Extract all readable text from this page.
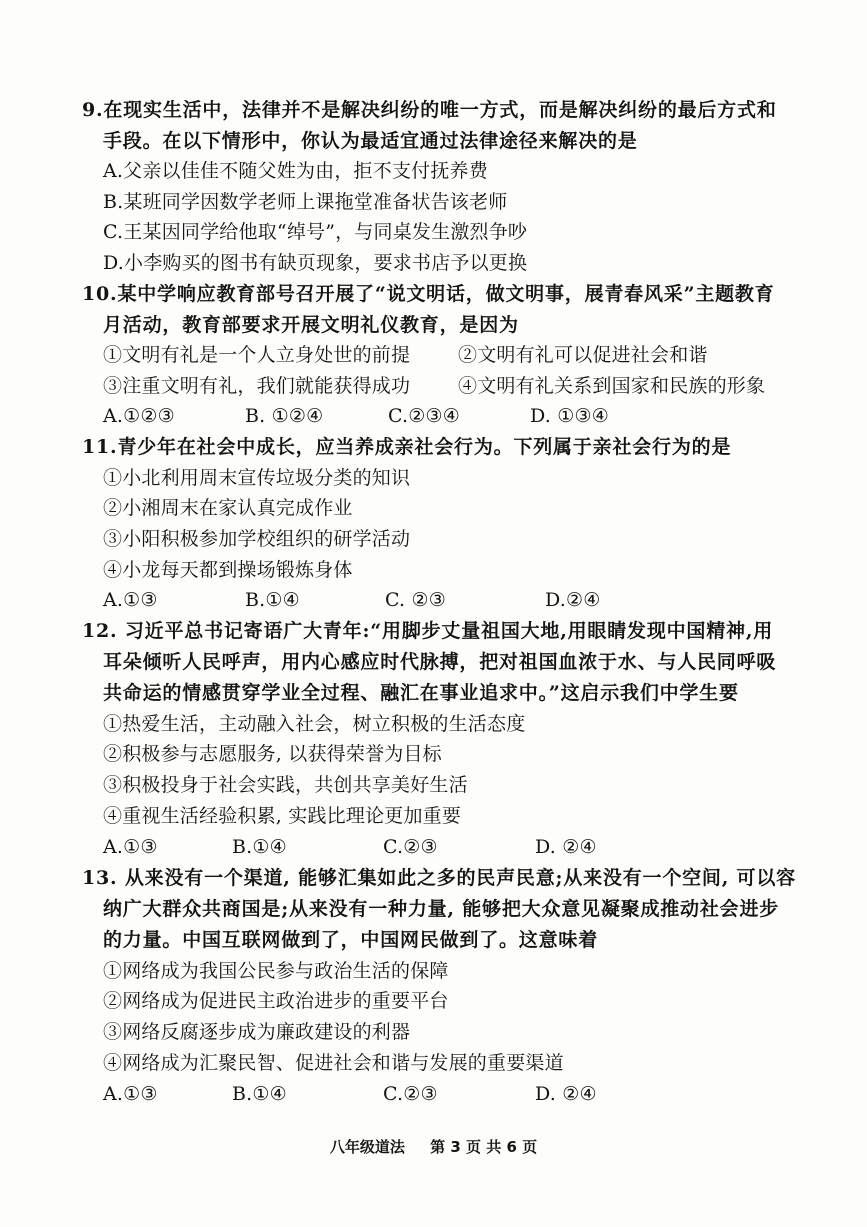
9.在现实生活中，法律并不是解决纠纷的唯一方式，而是解决纠纷的最后方式和
手段。在以下情形中，你认为最适宜通过法律途径来解决的是
A.父亲以佳佳不随父姓为由，拒不支付抚养费
B.某班同学因数学老师上课拖堂准备状告该老师
C.王某因同学给他取“绰号”，与同桌发生激烈争吵
D.小李购买的图书有缺页现象，要求书店予以更换
10.某中学响应教育部号召开展了“说文明话，做文明事，展青春风采”主题教育
月活动，教育部要求开展文明礼仪教育，是因为
①文明有礼是一个人立身处世的前提	②文明有礼可以促进社会和谐
③注重文明有礼，我们就能获得成功	④文明有礼关系到国家和民族的形象
A.①②③	B. ①②④	C.②③④	D. ①③④
11.青少年在社会中成长，应当养成亲社会行为。下列属于亲社会行为的是
①小北利用周末宣传垃圾分类的知识
②小湘周末在家认真完成作业
③小阳积极参加学校组织的研学活动
④小龙每天都到操场锻炼身体
A.①③	B.①④	C. ②③	D.②④
12. 习近平总书记寄语广大青年:“用脚步丈量祖国大地,用眼睛发现中国精神,用
耳朵倾听人民呼声，用内心感应时代脉搏，把对祖国血浓于水、与人民同呼吸
共命运的情感贯穿学业全过程、融汇在事业追求中。”这启示我们中学生要
①热爱生活，主动融入社会，树立积极的生活态度
②积极参与志愿服务, 以获得荣誉为目标
③积极投身于社会实践，共创共享美好生活
④重视生活经验积累, 实践比理论更加重要
A.①③	B.①④	C.②③	D. ②④
13. 从来没有一个渠道, 能够汇集如此之多的民声民意;从来没有一个空间, 可以容
纳广大群众共商国是;从来没有一种力量, 能够把大众意见凝聚成推动社会进步
的力量。中国互联网做到了，中国网民做到了。这意味着
①网络成为我国公民参与政治生活的保障
②网络成为促进民主政治进步的重要平台
③网络反腐逐步成为廉政建设的利器
④网络成为汇聚民智、促进社会和谐与发展的重要渠道
A.①③	B.①④	C.②③	D. ②④
八年级道法 第 3 页 共 6 页
